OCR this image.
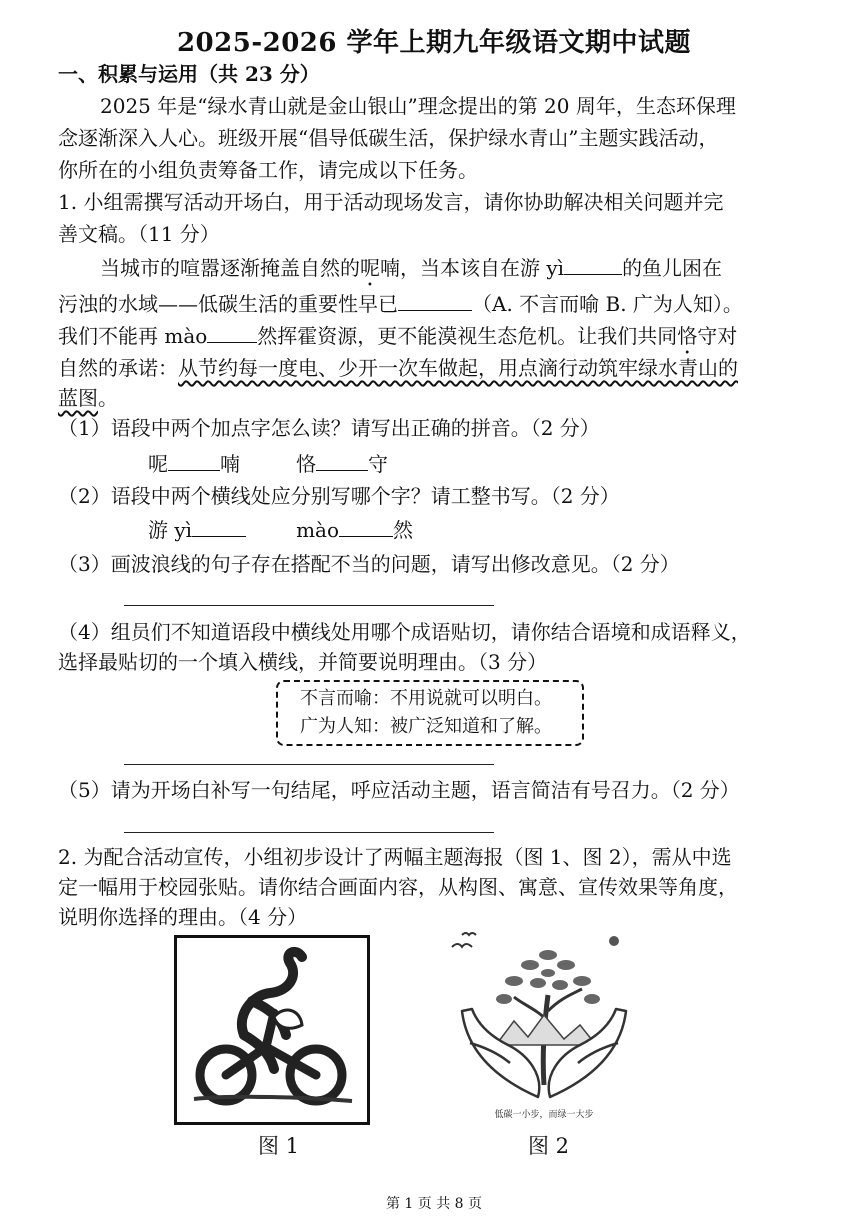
2025-2026 学年上期九年级语文期中试题
一、积累与运用（共 23 分）
2025 年是“绿水青山就是金山银山”理念提出的第 20 周年，生态环保理
念逐渐深入人心。班级开展“倡导低碳生活，保护绿水青山”主题实践活动，
你所在的小组负责筹备工作，请完成以下任务。
1. 小组需撰写活动开场白，用于活动现场发言，请你协助解决相关问题并完
善文稿。（11 分）
当城市的喧嚣逐渐掩盖自然的呢喃，当本该自在游 yì	的鱼儿困在
污浊的水域——低碳生活的重要性早已	（A. 不言而喻 B. 广为人知）。
我们不能再 mào	然挥霍资源，更不能漠视生态危机。让我们共同恪守对
自然的承诺：从节约每一度电、少开一次车做起，用点滴行动筑牢绿水青山的
蓝图。
（1）语段中两个加点字怎么读？请写出正确的拼音。（2 分）
呢	喃	恪	守
（2）语段中两个横线处应分别写哪个字？请工整书写。（2 分）
游 yì	mào	然
（3）画波浪线的句子存在搭配不当的问题，请写出修改意见。（2 分）
（4）组员们不知道语段中横线处用哪个成语贴切，请你结合语境和成语释义，
选择最贴切的一个填入横线，并简要说明理由。（3 分）
不言而喻：不用说就可以明白。
广为人知：被广泛知道和了解。
（5）请为开场白补写一句结尾，呼应活动主题，语言简洁有号召力。（2 分）
2. 为配合活动宣传，小组初步设计了两幅主题海报（图 1、图 2），需从中选
定一幅用于校园张贴。请你结合画面内容，从构图、寓意、宣传效果等角度，
说明你选择的理由。（4 分）
图 1
低碳一小步，而绿一大步
图 2
第 1 页 共 8 页
